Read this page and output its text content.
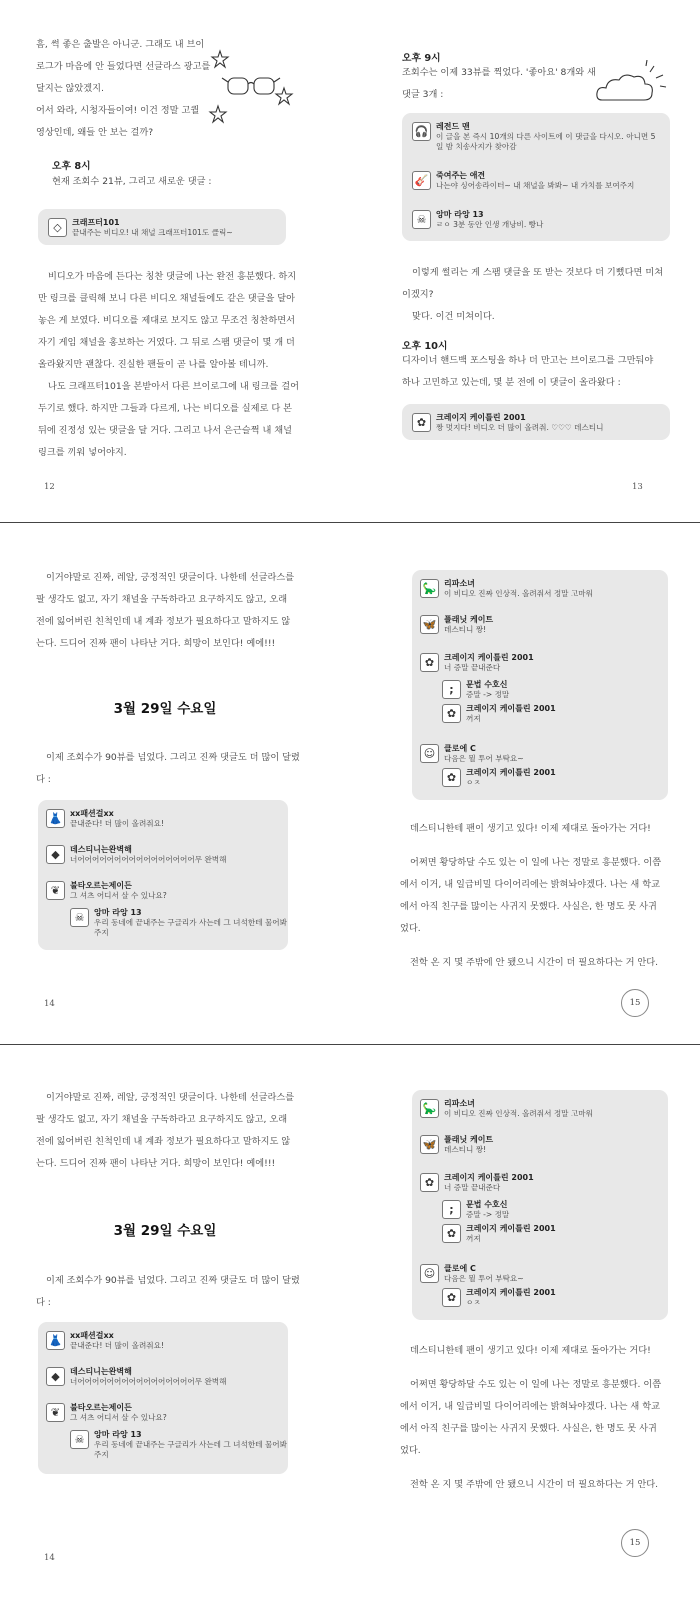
흠, 썩 좋은 출발은 아니군. 그래도 내 브이

로그가 마음에 안 들었다면 선글라스 광고를

달지는 않았겠지.

어서 와라, 시청자들이여! 이건 정말 고퀄

영상인데, 왜들 안 보는 걸까?

오후 8시

현재 조회수 21뷰, 그리고 새로운 댓글 :

◇	크래프터101
끝내주는 비디오! 내 채널 크래프터101도 클릭~

비디오가 마음에 든다는 칭찬 댓글에 나는 완전 흥분했다. 하지

만 링크를 클릭해 보니 다른 비디오 채널들에도 같은 댓글을 달아

놓은 게 보였다. 비디오를 제대로 보지도 않고 무조건 칭찬하면서

자기 게임 채널을 홍보하는 거였다. 그 뒤로 스팸 댓글이 몇 개 더

올라왔지만 괜찮다. 진실한 팬들이 곧 나를 알아볼 테니까.

나도 크래프터101을 본받아서 다른 브이로그에 내 링크를 걸어

두기로 했다. 하지만 그들과 다르게, 나는 비디오를 실제로 다 본

뒤에 진정성 있는 댓글을 달 거다. 그리고 나서 은근슬쩍 내 채널

링크를 끼워 넣어야지.

12
오후 9시

조회수는 이제 33뷰를 찍었다. '좋아요' 8개와 새

댓글 3개 :

🎧 레전드 맨
이 글을 본 즉시 10개의 다른 사이트에 이 댓글을 다시오. 아니면 5
일 밤 치송사지가 찾아감
🎸 죽여주는 애견
나는야 싱어송라이터~ 내 채널을 봐봐~ 내 가치를 보여주지
☠	앙마 라앙 13
ㄹㅇ 3분 동안 인생 개낭비. 빵나

이렇게 썰리는 게 스팸 댓글을 또 받는 것보다 더 기뻤다면 미쳐

이겠지?

맞다. 이건 미쳐이다.

오후 10시

디자이너 핸드백 포스팅을 하나 더 만고는 브이로그를 그만둬야

하나 고민하고 있는데, 몇 분 전에 이 댓글이 올라왔다 :

✿	크레이지 케이틀린 2001
짱 멋지다! 비디오 더 많이 올려줘. ♡♡♡ 데스티니
13

이거야말로 진짜, 레알, 긍정적인 댓글이다. 나한테 선글라스를

팔 생각도 없고, 자기 채널을 구독하라고 요구하지도 않고, 오래

전에 잃어버린 친척인데 내 계좌 정보가 필요하다고 말하지도 않

는다. 드디어 진짜 팬이 나타난 거다. 희망이 보인다! 예에!!!

3월 29일 수요일

이제 조회수가 90뷰를 넘었다. 그리고 진짜 댓글도 더 많이 달렸

다 :

👗 xx패션걸xx
끝내준다! 더 많이 올려줘요!
◆	데스티니는완벽해
너어어어어어어어어어어어어어어어어무 완벽해
❦	불타오르는제이든
그 셔츠 어디서 살 수 있나요?
☠	앙마 라앙 13
우리 동네에 끝내주는 구글리가 사는데 그 녀석한테 물어봐
주지
14
🦕 리파소녀
이 비디오 진짜 인상적. 올려줘서 정말 고마워
🦋 플래닛 케이트
데스티니 짱!
✿	크레이지 케이틀린 2001
너 증말 끝내준다
;	문법 수호신
증말 -> 정말
✿	크레이지 케이틀린 2001
꺼져
☺	클로에 C
다음은 뭘 투어 부탁요~
✿	크레이지 케이틀린 2001
ㅇㅈ

데스티니한테 팬이 생기고 있다! 이제 제대로 돌아가는 거다!

어쩌면 황당하달 수도 있는 이 일에 나는 정말로 흥분했다. 이쯤

에서 이거, 내 일급비밀 다이어리에는 밝혀놔야겠다. 나는 새 학교

에서 아직 친구를 많이는 사귀지 못했다. 사실은, 한 명도 못 사귀

었다.

전학 온 지 몇 주밖에 안 됐으니 시간이 더 필요하다는 거 안다.

15

이거야말로 진짜, 레알, 긍정적인 댓글이다. 나한테 선글라스를

팔 생각도 없고, 자기 채널을 구독하라고 요구하지도 않고, 오래

전에 잃어버린 친척인데 내 계좌 정보가 필요하다고 말하지도 않

는다. 드디어 진짜 팬이 나타난 거다. 희망이 보인다! 예에!!!

3월 29일 수요일

이제 조회수가 90뷰를 넘었다. 그리고 진짜 댓글도 더 많이 달렸

다 :

👗 xx패션걸xx
끝내준다! 더 많이 올려줘요!
◆	데스티니는완벽해
너어어어어어어어어어어어어어어어어무 완벽해
❦	불타오르는제이든
그 셔츠 어디서 살 수 있나요?
☠	앙마 라앙 13
우리 동네에 끝내주는 구글리가 사는데 그 녀석한테 물어봐
주지
14
🦕 리파소녀
이 비디오 진짜 인상적. 올려줘서 정말 고마워
🦋 플래닛 케이트
데스티니 짱!
✿	크레이지 케이틀린 2001
너 증말 끝내준다
;	문법 수호신
증말 -> 정말
✿	크레이지 케이틀린 2001
꺼져
☺	클로에 C
다음은 뭘 투어 부탁요~
✿	크레이지 케이틀린 2001
ㅇㅈ

데스티니한테 팬이 생기고 있다! 이제 제대로 돌아가는 거다!

어쩌면 황당하달 수도 있는 이 일에 나는 정말로 흥분했다. 이쯤

에서 이거, 내 일급비밀 다이어리에는 밝혀놔야겠다. 나는 새 학교

에서 아직 친구를 많이는 사귀지 못했다. 사실은, 한 명도 못 사귀

었다.

전학 온 지 몇 주밖에 안 됐으니 시간이 더 필요하다는 거 안다.

15
